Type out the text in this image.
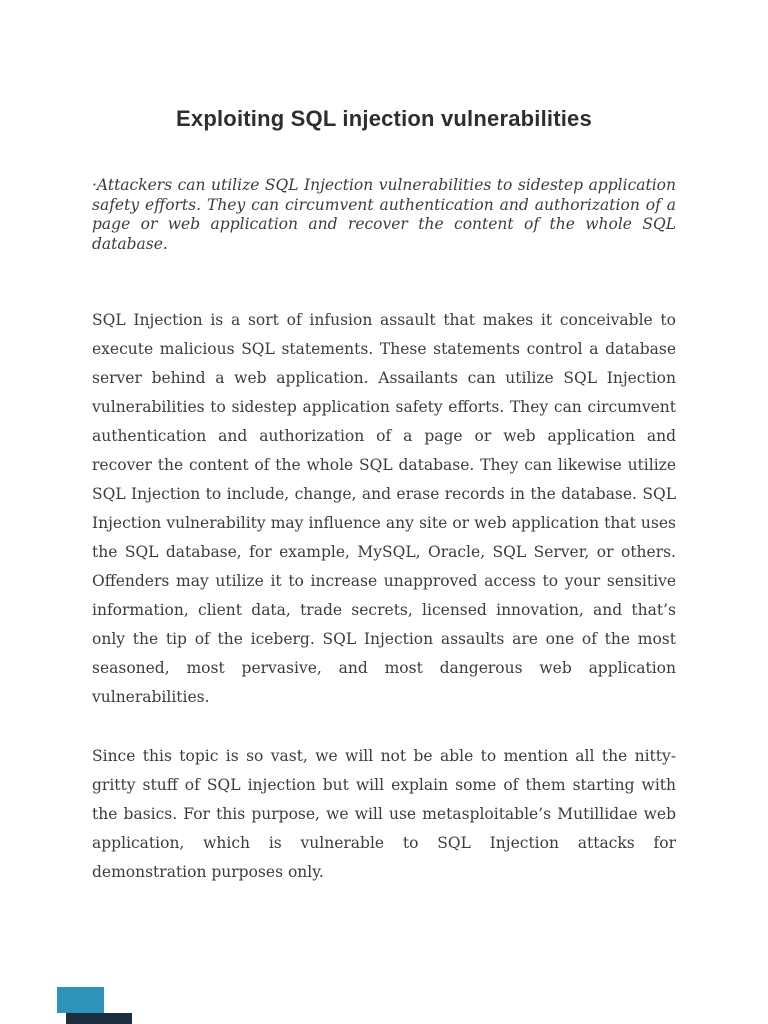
Exploiting SQL injection vulnerabilities

·Attackers can utilize SQL Injection vulnerabilities to sidestep application safety efforts. They can circumvent authentication and authorization of a page or web application and recover the content of the whole SQL database.

SQL Injection is a sort of infusion assault that makes it conceivable to execute malicious SQL statements. These statements control a database server behind a web application. Assailants can utilize SQL Injection vulnerabilities to sidestep application safety efforts. They can circumvent authentication and authorization of a page or web application and recover the content of the whole SQL database. They can likewise utilize SQL Injection to include, change, and erase records in the database. SQL Injection vulnerability may influence any site or web application that uses the SQL database, for example, MySQL, Oracle, SQL Server, or others. Offenders may utilize it to increase unapproved access to your sensitive information, client data, trade secrets, licensed innovation, and that’s only the tip of the iceberg. SQL Injection assaults are one of the most seasoned, most pervasive, and most dangerous web application vulnerabilities.

Since this topic is so vast, we will not be able to mention all the nitty-gritty stuff of SQL injection but will explain some of them starting with the basics. For this purpose, we will use metasploitable’s Mutillidae web application, which is vulnerable to SQL Injection attacks for demonstration purposes only.
